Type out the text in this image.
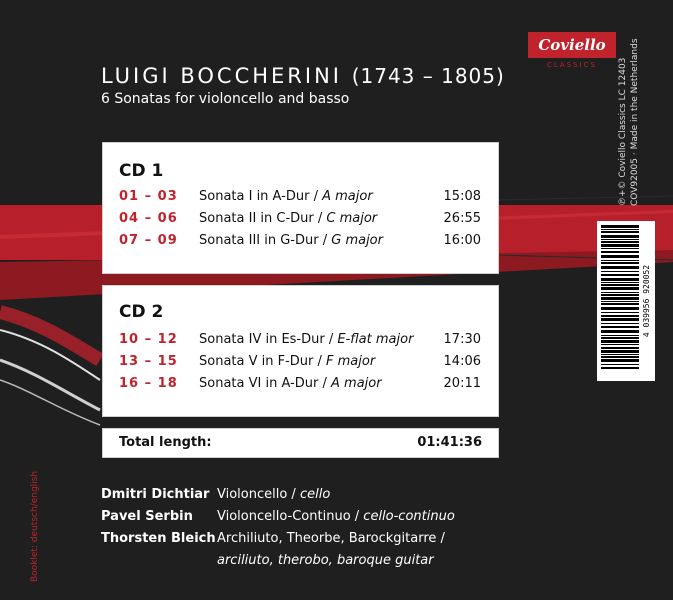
Coviello
CLASSICS
LUIGI BOCCHERINI (1743 – 1805)
6 Sonatas for violoncello and basso
CD 1
01 – 03 Sonata I in A-Dur / A major	15:08
04 – 06 Sonata II in C-Dur / C major	26:55
07 – 09 Sonata III in G-Dur / G major	16:00
CD 2
10 – 12 Sonata IV in Es-Dur / E-flat major 17:30
13 – 15 Sonata V in F-Dur / F major	14:06
16 – 18 Sonata VI in A-Dur / A major	20:11
Total length:	01:41:36
Dmitri Dichtiar Violoncello / cello
Pavel Serbin Violoncello-Continuo / cello-continuo
Thorsten Bleich Archiliuto, Theorbe, Barockgitarre /
arciliuto, therobo, baroque guitar
℗+© Coviello Classics LC 12403 COV92005 · Made in the Netherlands
Booklet: deutsch/english
4 039956 920052
